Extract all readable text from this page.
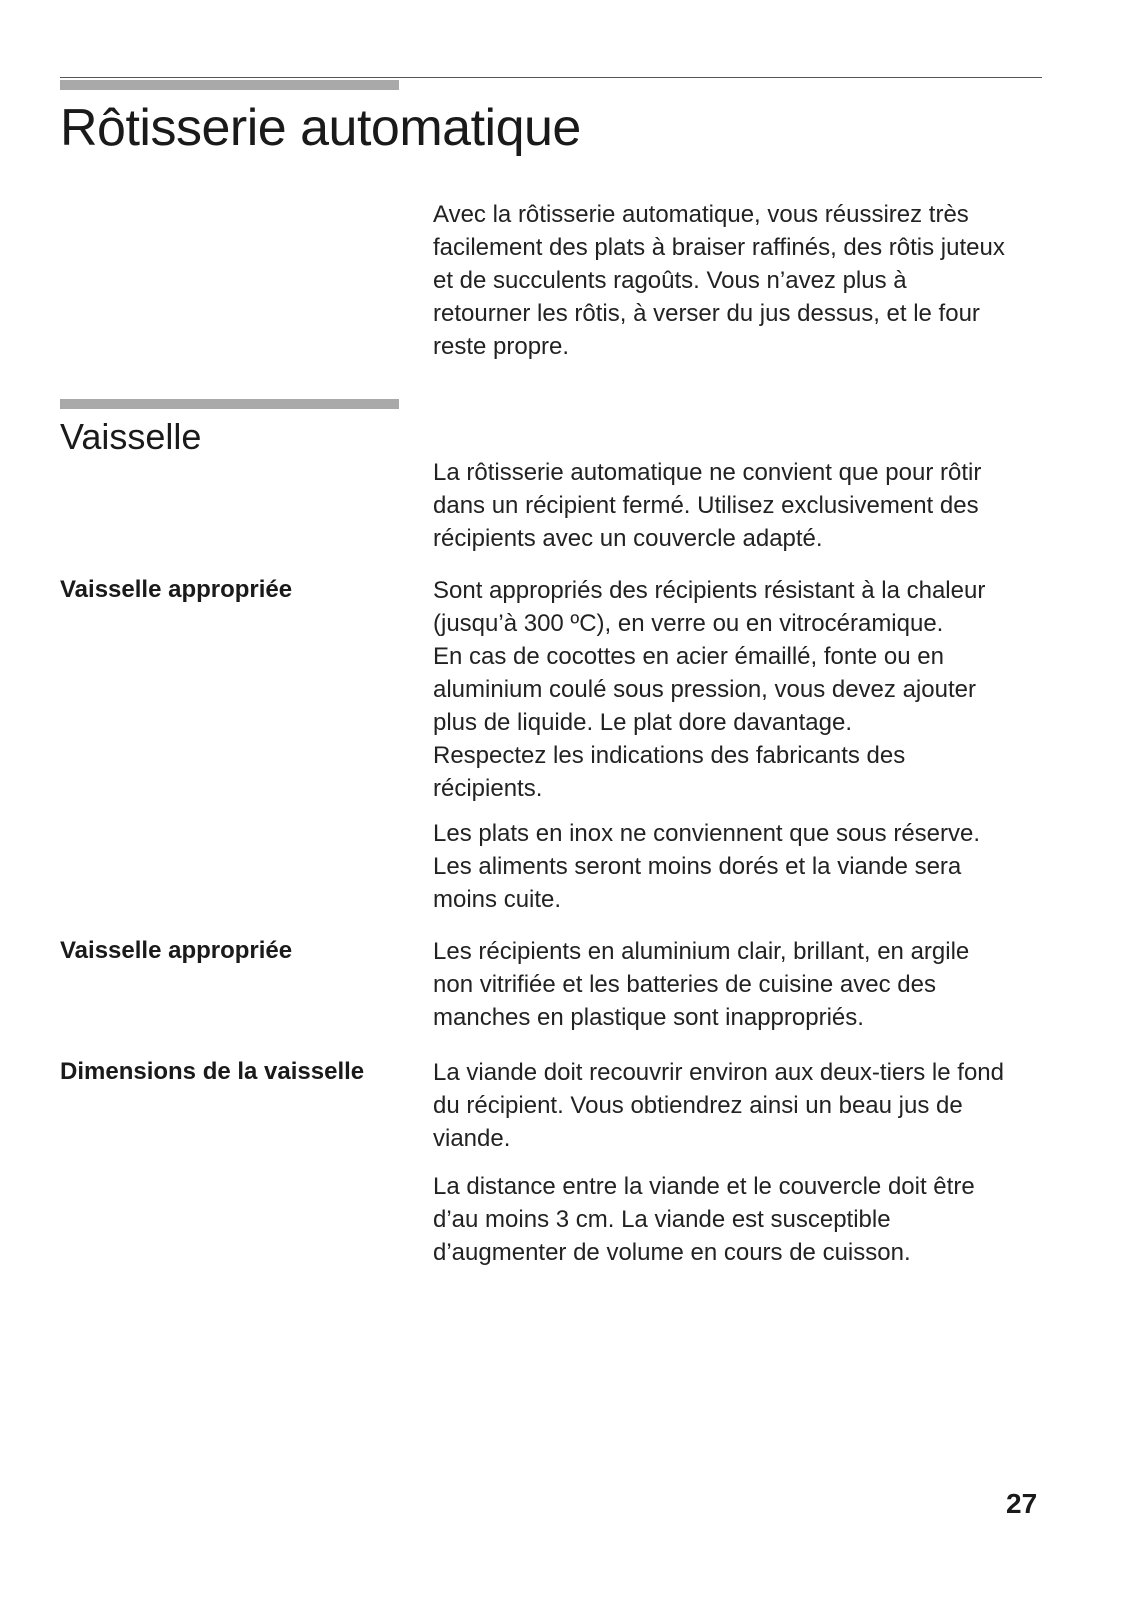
Rôtisserie automatique

Avec la rôtisserie automatique, vous réussirez très
facilement des plats à braiser raffinés, des rôtis juteux
et de succulents ragoûts. Vous n’avez plus à
retourner les rôtis, à verser du jus dessus, et le four
reste propre.

Vaisselle

La rôtisserie automatique ne convient que pour rôtir
dans un récipient fermé. Utilisez exclusivement des
récipients avec un couvercle adapté.

Vaisselle appropriée	Sont appropriés des récipients résistant à la chaleur
(jusqu’à 300 ºC), en verre ou en vitrocéramique.
En cas de cocottes en acier émaillé, fonte ou en
aluminium coulé sous pression, vous devez ajouter
plus de liquide. Le plat dore davantage.
Respectez les indications des fabricants des
récipients.

Les plats en inox ne conviennent que sous réserve.
Les aliments seront moins dorés et la viande sera
moins cuite.

Vaisselle appropriée	Les récipients en aluminium clair, brillant, en argile
non vitrifiée et les batteries de cuisine avec des
manches en plastique sont inappropriés.

Dimensions de la vaisselle	La viande doit recouvrir environ aux deux-tiers le fond
du récipient. Vous obtiendrez ainsi un beau jus de
viande.

La distance entre la viande et le couvercle doit être
d’au moins 3 cm. La viande est susceptible
d’augmenter de volume en cours de cuisson.

27
